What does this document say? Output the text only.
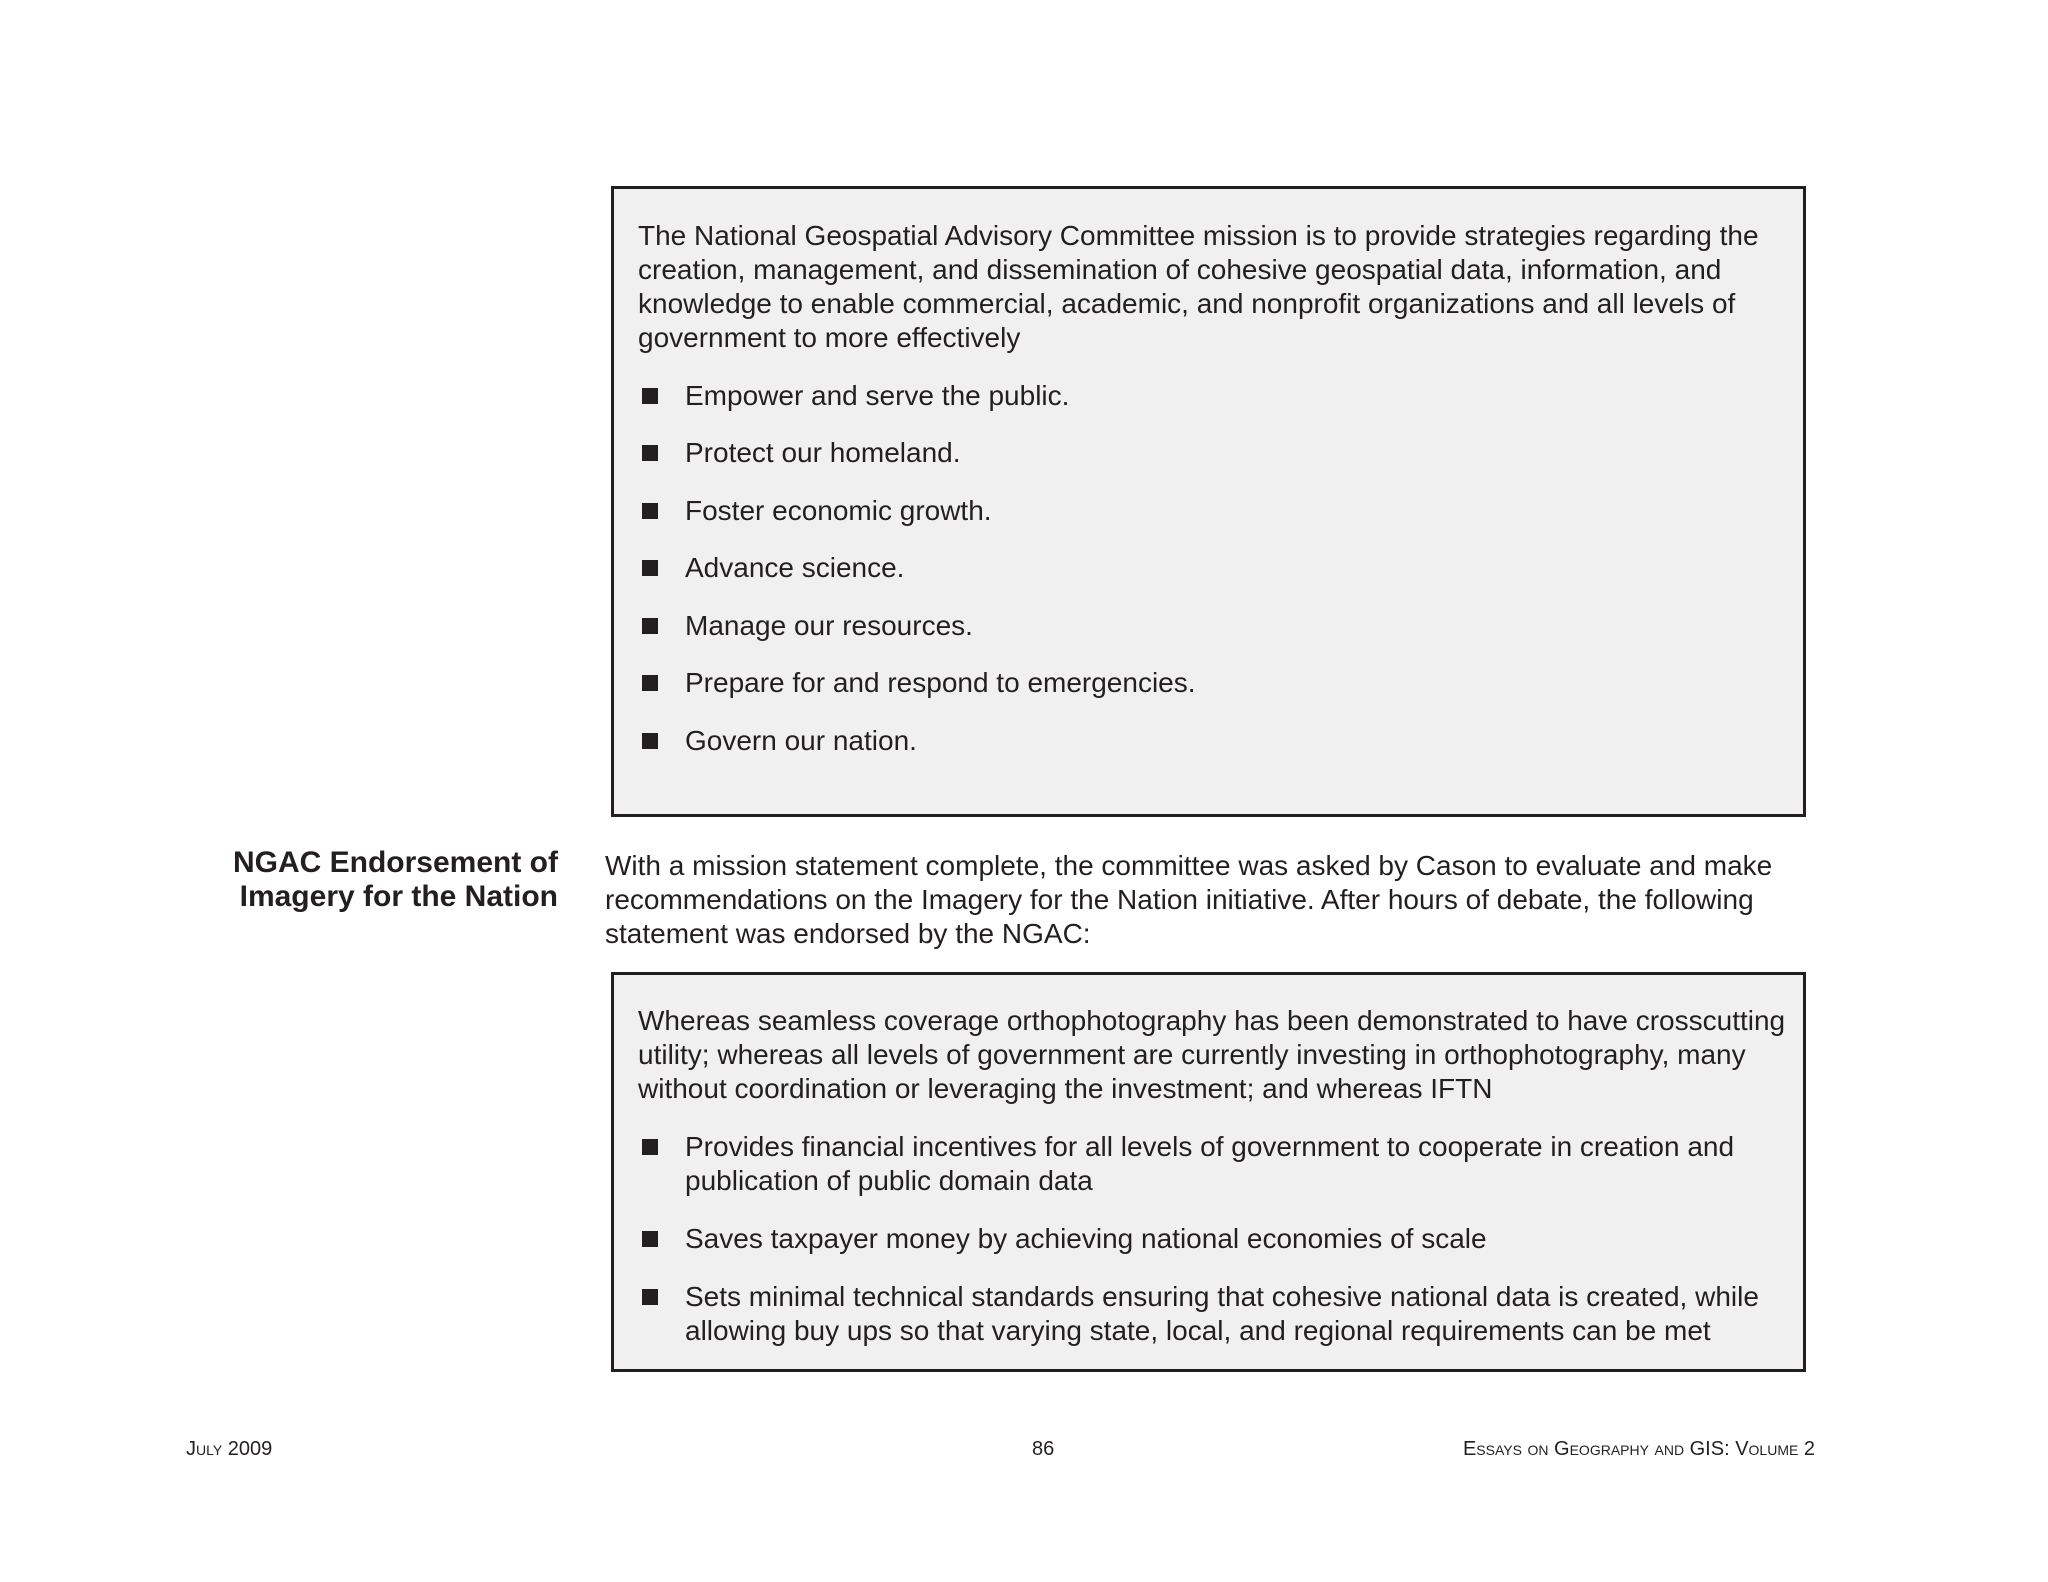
The National Geospatial Advisory Committee mission is to provide strategies regarding the
creation, management, and dissemination of cohesive geospatial data, information, and
knowledge to enable commercial, academic, and nonprofit organizations and all levels of
government to more effectively

Empower and serve the public.
Protect our homeland.
Foster economic growth.
Advance science.
Manage our resources.
Prepare for and respond to emergencies.
Govern our nation.
NGAC Endorsement of
Imagery for the Nation

With a mission statement complete, the committee was asked by Cason to evaluate and make
recommendations on the Imagery for the Nation initiative. After hours of debate, the following
statement was endorsed by the NGAC:

Whereas seamless coverage orthophotography has been demonstrated to have crosscutting
utility; whereas all levels of government are currently investing in orthophotography, many
without coordination or leveraging the investment; and whereas IFTN

Provides financial incentives for all levels of government to cooperate in creation and
publication of public domain data
Saves taxpayer money by achieving national economies of scale
Sets minimal technical standards ensuring that cohesive national data is created, while
allowing buy ups so that varying state, local, and regional requirements can be met
July 2009	86	Essays on Geography and GIS: Volume 2
